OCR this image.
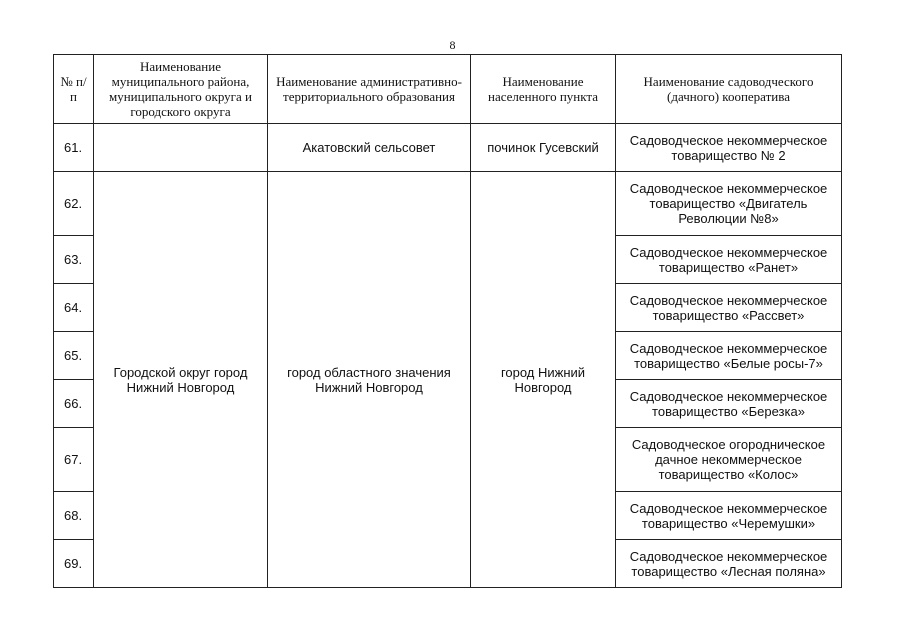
8
№ п/п	Наименование муниципального района, муниципального округа и городского округа	Наименование административно-территориального образования	Наименование населенного пункта	Наименование садоводческого (дачного) кооператива
61.		Акатовский сельсовет	починок Гусевский	Садоводческое некоммерческое товарищество № 2
62.	Городской округ город Нижний Новгород	город областного значения Нижний Новгород	город Нижний Новгород	Садоводческое некоммерческое товарищество «Двигатель Революции №8»
63.				Садоводческое некоммерческое товарищество «Ранет»
64.				Садоводческое некоммерческое товарищество «Рассвет»
65.				Садоводческое некоммерческое товарищество «Белые росы-7»
66.				Садоводческое некоммерческое товарищество «Березка»
67.				Садоводческое огородническое дачное некоммерческое товарищество «Колос»
68.				Садоводческое некоммерческое товарищество «Черемушки»
69.				Садоводческое некоммерческое товарищество «Лесная поляна»
